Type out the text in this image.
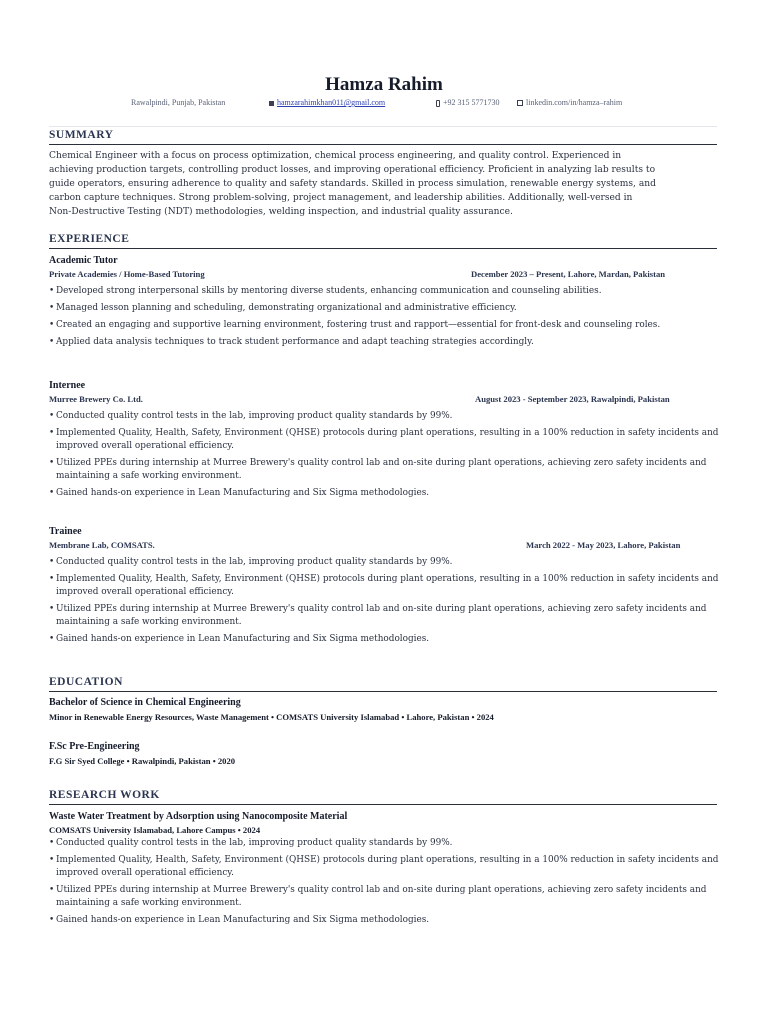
Hamza Rahim
Rawalpindi, Punjab, Pakistan	hamzarahimkhan011@gmail.com	+92 315 5771730	linkedin.com/in/hamza–rahim
SUMMARY
Chemical Engineer with a focus on process optimization, chemical process engineering, and quality control. Experienced in
achieving production targets, controlling product losses, and improving operational efficiency. Proficient in analyzing lab results to
guide operators, ensuring adherence to quality and safety standards. Skilled in process simulation, renewable energy systems, and
carbon capture techniques. Strong problem-solving, project management, and leadership abilities. Additionally, well-versed in
Non-Destructive Testing (NDT) methodologies, welding inspection, and industrial quality assurance.
EXPERIENCE
Academic Tutor
Private Academies / Home-Based Tutoring	December 2023 – Present, Lahore, Mardan, Pakistan
• Developed strong interpersonal skills by mentoring diverse students, enhancing communication and counseling abilities.
• Managed lesson planning and scheduling, demonstrating organizational and administrative efficiency.
• Created an engaging and supportive learning environment, fostering trust and rapport—essential for front-desk and counseling roles.
• Applied data analysis techniques to track student performance and adapt teaching strategies accordingly.
Internee
Murree Brewery Co. Ltd.	August 2023 - September 2023, Rawalpindi, Pakistan
• Conducted quality control tests in the lab, improving product quality standards by 99%.
• Implemented Quality, Health, Safety, Environment (QHSE) protocols during plant operations, resulting in a 100% reduction in safety incidents and improved overall operational efficiency.
• Utilized PPEs during internship at Murree Brewery's quality control lab and on-site during plant operations, achieving zero safety incidents and maintaining a safe working environment.
• Gained hands-on experience in Lean Manufacturing and Six Sigma methodologies.
Trainee
Membrane Lab, COMSATS.	March 2022 - May 2023, Lahore, Pakistan
• Conducted quality control tests in the lab, improving product quality standards by 99%.
• Implemented Quality, Health, Safety, Environment (QHSE) protocols during plant operations, resulting in a 100% reduction in safety incidents and improved overall operational efficiency.
• Utilized PPEs during internship at Murree Brewery's quality control lab and on-site during plant operations, achieving zero safety incidents and maintaining a safe working environment.
• Gained hands-on experience in Lean Manufacturing and Six Sigma methodologies.
EDUCATION
Bachelor of Science in Chemical Engineering
Minor in Renewable Energy Resources, Waste Management • COMSATS University Islamabad • Lahore, Pakistan • 2024
F.Sc Pre-Engineering
F.G Sir Syed College • Rawalpindi, Pakistan • 2020
RESEARCH WORK
Waste Water Treatment by Adsorption using Nanocomposite Material
COMSATS University Islamabad, Lahore Campus • 2024
• Conducted quality control tests in the lab, improving product quality standards by 99%.
• Implemented Quality, Health, Safety, Environment (QHSE) protocols during plant operations, resulting in a 100% reduction in safety incidents and improved overall operational efficiency.
• Utilized PPEs during internship at Murree Brewery's quality control lab and on-site during plant operations, achieving zero safety incidents and maintaining a safe working environment.
• Gained hands-on experience in Lean Manufacturing and Six Sigma methodologies.
